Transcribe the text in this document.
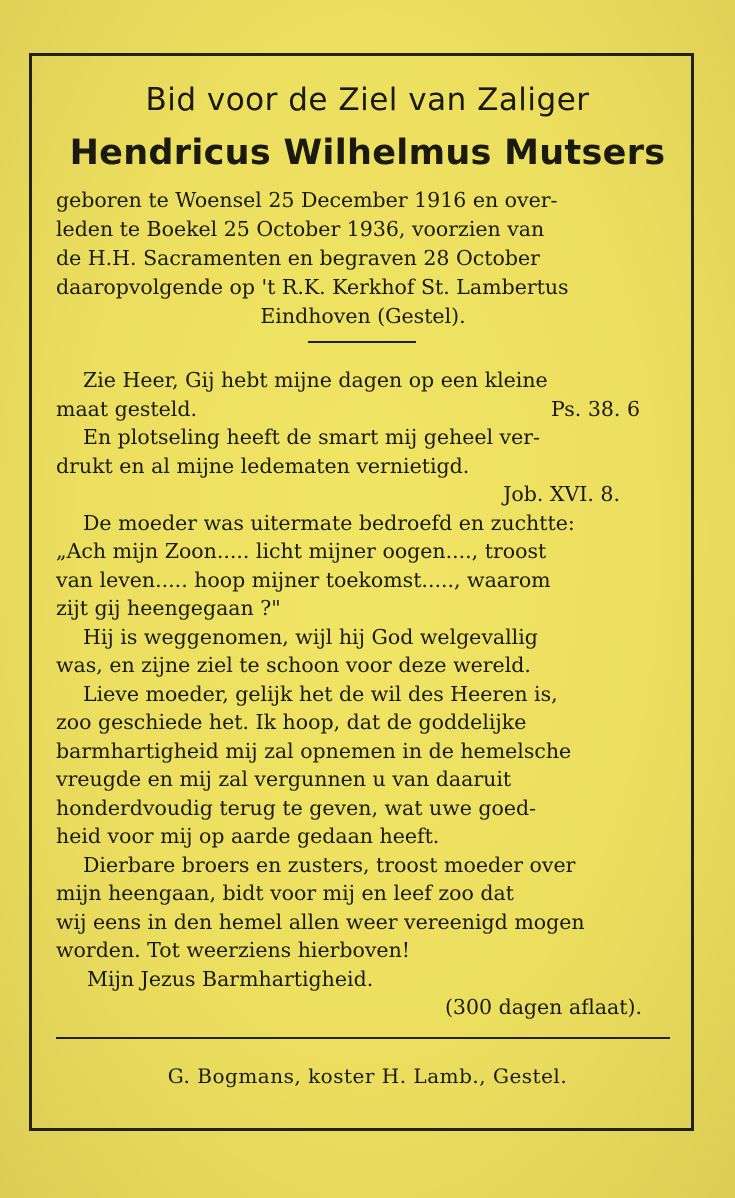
Bid voor de Ziel van Zaliger
Hendricus Wilhelmus Mutsers
geboren te Woensel 25 December 1916 en over-
leden te Boekel 25 October 1936, voorzien van
de H.H. Sacramenten en begraven 28 October
daaropvolgende op 't R.K. Kerkhof St. Lambertus
Eindhoven (Gestel).
Zie Heer, Gij hebt mijne dagen op een kleine
maat gesteld.	Ps. 38. 6
En plotseling heeft de smart mij geheel ver-
drukt en al mijne ledematen vernietigd.
Job. XVI. 8.
De moeder was uitermate bedroefd en zuchtte:
„Ach mijn Zoon..... licht mijner oogen...., troost
van leven..... hoop mijner toekomst....., waarom
zijt gij heengegaan ?"
Hij is weggenomen, wijl hij God welgevallig
was, en zijne ziel te schoon voor deze wereld.
Lieve moeder, gelijk het de wil des Heeren is,
zoo geschiede het. Ik hoop, dat de goddelijke
barmhartigheid mij zal opnemen in de hemelsche
vreugde en mij zal vergunnen u van daaruit
honderdvoudig terug te geven, wat uwe goed-
heid voor mij op aarde gedaan heeft.
Dierbare broers en zusters, troost moeder over
mijn heengaan, bidt voor mij en leef zoo dat
wij eens in den hemel allen weer vereenigd mogen
worden. Tot weerziens hierboven!
Mijn Jezus Barmhartigheid.
(300 dagen aflaat).
G. Bogmans, koster H. Lamb., Gestel.
